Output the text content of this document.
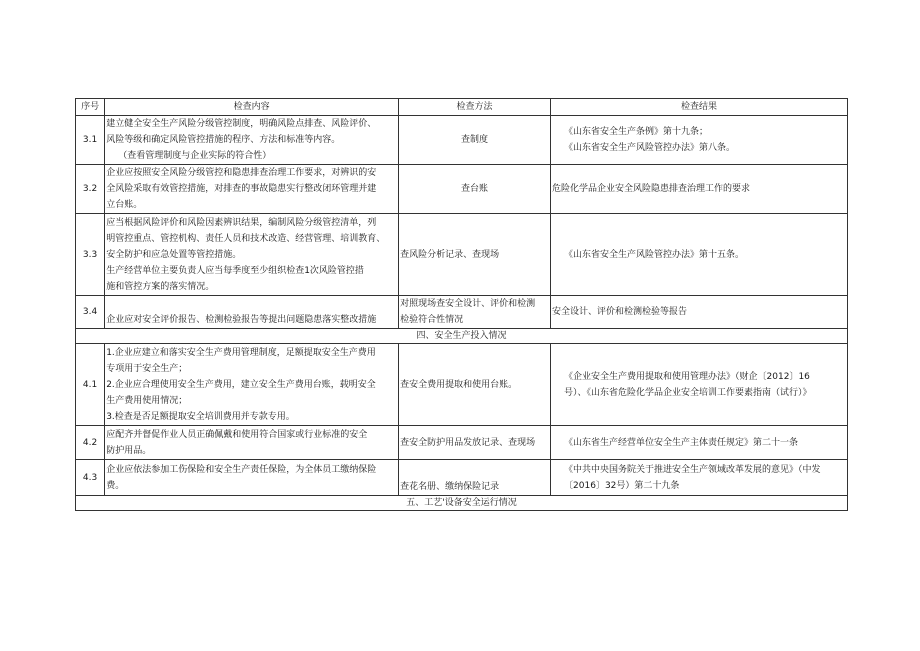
序号	检查内容	检查方法	检查结果
3.1	建立健全安全生产风险分级管控制度，明确风险点排查、风险评价、
风险等级和确定风险管控措施的程序、方法和标准等内容。
（查看管理制度与企业实际的符合性）	查制度	《山东省安全生产条例》第十九条；
《山东省安全生产风险管控办法》第八条。

3.2	企业应按照安全风险分级管控和隐患排查治理工作要求，对辨识的安
全风险采取有效管控措施，对排查的事故隐患实行整改闭环管理并建
立台账。	查台账	危险化学品企业安全风险隐患排查治理工作的要求

3.3	应当根据风险评价和风险因素辨识结果，编制风险分级管控清单，列
明管控重点、管控机构、责任人员和技术改造、经营管理、培训教育、
安全防护和应急处置等管控措施。
生产经营单位主要负责人应当每季度至少组织检查1次风险管控措
施和管控方案的落实情况。	查风险分析记录、查现场	《山东省安全生产风险管控办法》第十五条。

3.4	企业应对安全评价报告、检测检验报告等提出问题隐患落实整改措施	对照现场查安全设计、评价和检测
检验符合性情况	安全设计、评价和检测检验等报告

四、安全生产投入情况			
4.1	1.企业应建立和落实安全生产费用管理制度，足额提取安全生产费用
专项用于安全生产；
2.企业应合理使用安全生产费用，建立安全生产费用台账，载明安全
生产费用使用情况；
3.检查是否足额提取安全培训费用并专款专用。	查安全费用提取和使用台账。	《企业安全生产费用提取和使用管理办法》（财企〔2012〕16
号）、《山东省危险化学品企业安全培训工作要素指南（试行）》

4.2	应配齐并督促作业人员正确佩戴和使用符合国家或行业标准的安全
防护用品。	查安全防护用品发放记录、查现场	《山东省生产经营单位安全生产主体责任规定》第二十一条

4.3	企业应依法参加工伤保险和安全生产责任保险，为全体员工缴纳保险
费。	查花名册、缴纳保险记录	《中共中央国务院关于推进安全生产领域改革发展的意见》（中发
〔2016〕32号）第二十九条

五、工艺'设备安全运行情况			
